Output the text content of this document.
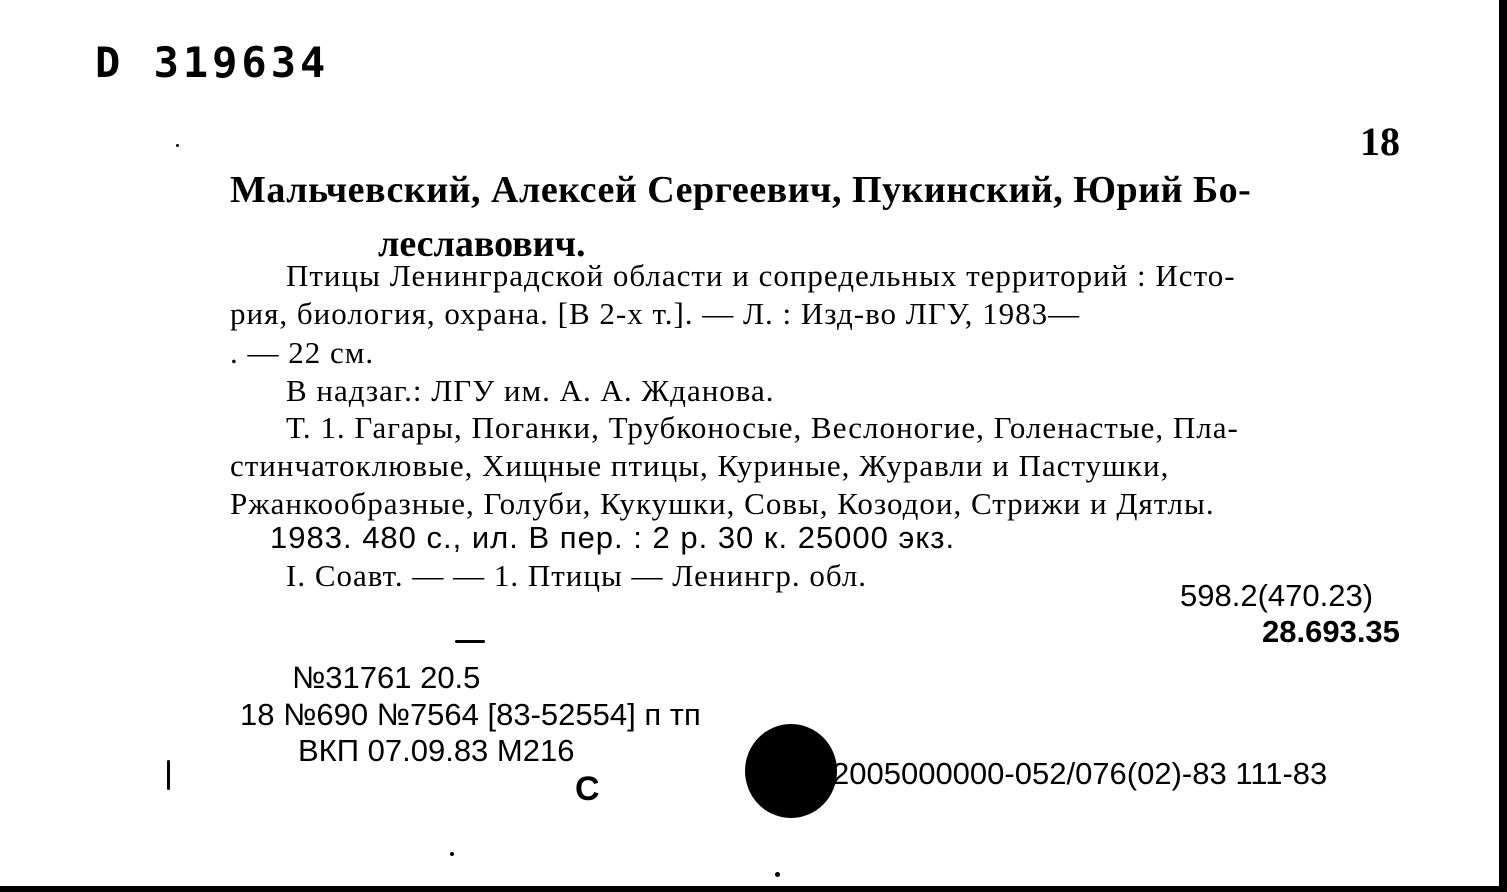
D 319634
18
Мальчевский, Алексей Сергеевич, Пукинский, Юрий Бо-
леславович.
Птицы Ленинградской области и сопредельных территорий : Исто-
рия, биология, охрана. [В 2-х т.]. — Л. : Изд-во ЛГУ, 1983—
. — 22 см.
В надзаг.: ЛГУ им. А. А. Жданова.
Т. 1. Гагары, Поганки, Трубконосые, Веслоногие, Голенастые, Пла-
стинчатоклювые, Хищные птицы, Куриные, Журавли и Пастушки,
Ржанкообразные, Голуби, Кукушки, Совы, Козодои, Стрижи и Дятлы.
1983. 480 с., ил. В пер. : 2 р. 30 к. 25000 экз.
I. Соавт. — — 1. Птицы — Ленингр. обл.
598.2(470.23)
28.693.35
№31761 20.5
18 №690 №7564 [83-52554] п тп
ВКП 07.09.83 М216
С	2005000000-052/076(02)-83 111-83
